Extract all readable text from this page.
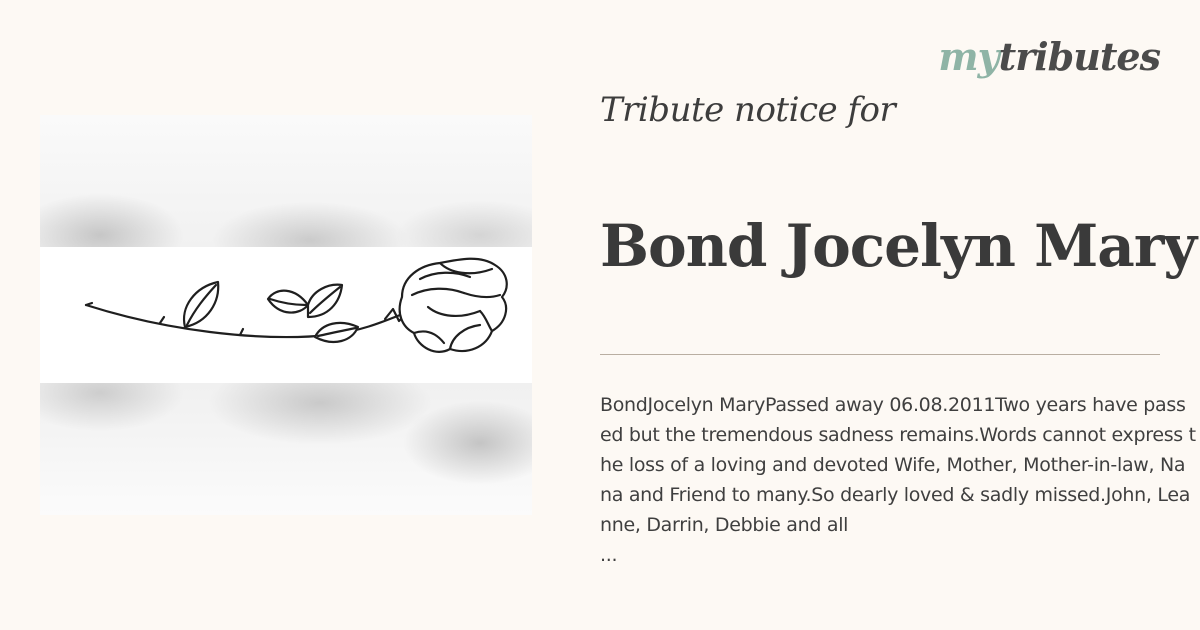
mytributes
Tribute notice for
Bond Jocelyn Mary
BondJocelyn MaryPassed away 06.08.2011Two years have passed but the tremendous sadness remains.Words cannot express the loss of a loving and devoted Wife, Mother, Mother-in-law, Nana and Friend to many.So dearly loved & sadly missed.John, Leanne, Darrin, Debbie and all
...
